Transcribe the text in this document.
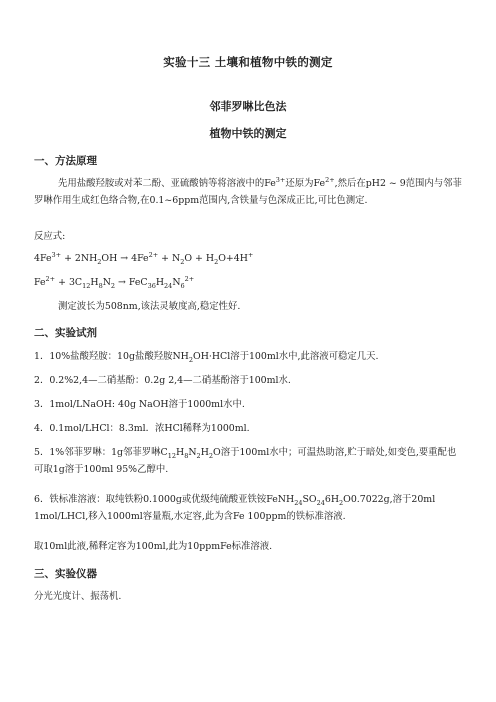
实验十三 土壤和植物中铁的测定
邻菲罗啉比色法
植物中铁的测定
一、方法原理
先用盐酸羟胺或对苯二酚、亚硫酸钠等将溶液中的$Fe^{3+}$还原为$Fe^{2+}$,然后在pH2 ~ 9范围内与邻菲罗啉作用生成红色络合物,在0.1~6ppm范围内,含铁量与色深成正比,可比色测定.
反应式:
$4Fe^{3+} + 2NH_2OH \to 4Fe^{2+} + N_2O + H_2O+4H^+$
$Fe^{2+} + 3C_{12}H_8N_2 \to FeC_{36}H_{24}N_6^{2+}$
测定波长为508nm,该法灵敏度高,稳定性好.
二、实验试剂
1．10%盐酸羟胺：10g盐酸羟胺$NH_2OH\cdot HCl$溶于100ml水中,此溶液可稳定几天.
2．0.2%2,4—二硝基酚：0.2g 2,4—二硝基酚溶于100ml水.
3．1mol/LNaOH: 40g NaOH溶于1000ml水中.
4．0.1mol/LHCl：8.3ml．浓HCl稀释为1000ml.
5．1%邻菲罗啉：1g邻菲罗啉$C_{12}H_8N_2H_2O$溶于100ml水中；可温热助溶,贮于暗处,如变色,要重配也可取1g溶于100ml 95%乙醇中.
6．铁标准溶液：取纯铁粉0.1000g或优级纯硫酸亚铁铵$FeNH_{24}SO_{24}6H_2O0.7022g$,溶于20ml 1mol/LHCl,移入1000ml容量瓶,水定容,此为含Fe 100ppm的铁标准溶液.
取10ml此液,稀释定容为100ml,此为10ppmFe标准溶液.
三、实验仪器
分光光度计、振荡机.
